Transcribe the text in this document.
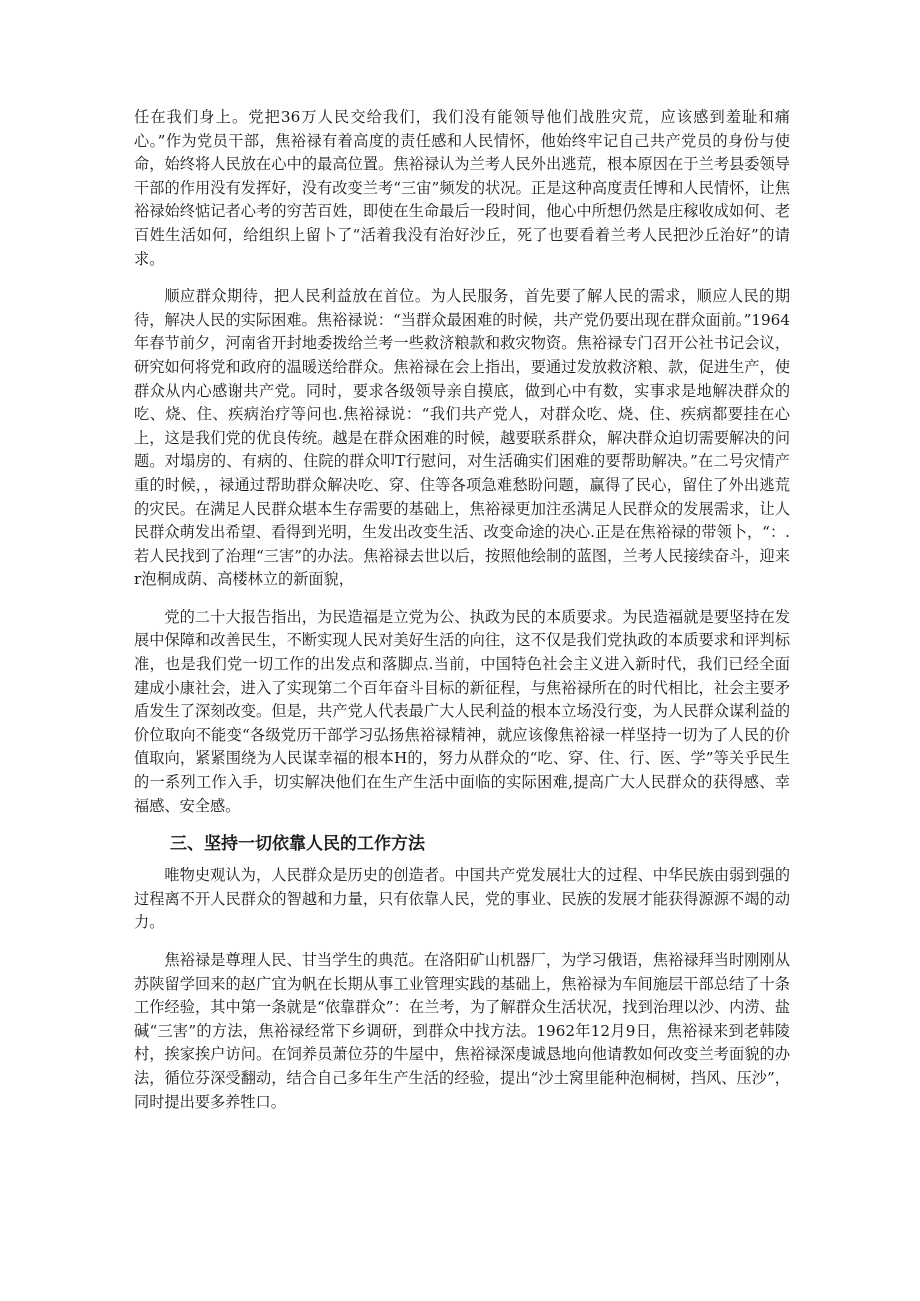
任在我们身上。党把36万人民交给我们，我们没有能领导他们战胜灾荒，应该感到羞耻和痛心。”作为党员干部，焦裕禄有着高度的责任感和人民情怀，他始终牢记自己共产党员的身份与使命，始终将人民放在心中的最高位置。焦裕禄认为兰考人民外出逃荒，根本原因在于兰考县委领导干部的作用没有发挥好，没有改变兰考“三宙”频发的状况。正是这种高度责任博和人民情怀，让焦裕禄始终惦记者心考的穷苦百姓，即使在生命最后一段时间，他心中所想仍然是庄稼收成如何、老百姓生活如何，给组织上留卜了“活着我没有治好沙丘，死了也要看着兰考人民把沙丘治好”的请求。

顺应群众期待，把人民利益放在首位。为人民服务，首先要了解人民的需求，顺应人民的期待，解决人民的实际困难。焦裕禄说：“当群众最困难的时候，共产党仍要出现在群众面前。”1964年春节前夕，河南省开封地委拨给兰考一些救济粮款和救灾物资。焦裕禄专门召开公社书记会议，研究如何将党和政府的温暖送给群众。焦裕禄在会上指出，要通过发放救济粮、款，促进生产，使群众从内心感谢共产党。同时，要求各级领导亲自摸底，做到心中有数，实事求是地解决群众的吃、烧、住、疾病治疗等问也.焦裕禄说：“我们共产党人，对群众吃、烧、住、疾病都要挂在心上，这是我们党的优良传统。越是在群众困难的时候，越要联系群众，解决群众迫切需要解决的问题。对塌房的、有病的、住院的群众叩T行慰问，对生活确实们困难的要帮助解决。”在二号灾情产重的时候，，禄通过帮助群众解决吃、穿、住等各项急难愁盼问题，赢得了民心，留住了外出逃荒的灾民。在满足人民群众堪本生存需要的基础上，焦裕禄更加注丞满足人民群众的发展需求，让人民群众萌发出希望、看得到光明，生发出改变生活、改变命途的决心.正是在焦裕禄的带领卜，“：.若人民找到了治理“三害”的办法。焦裕禄去世以后，按照他绘制的蓝图，兰考人民接续奋斗，迎来r泡桐成荫、高楼林立的新面貌，

党的二十大报告指出，为民造福是立党为公、执政为民的本质要求。为民造福就是要坚持在发展中保障和改善民生，不断实现人民对美好生活的向往，这不仅是我们党执政的本质要求和评判标准，也是我们党一切工作的出发点和落脚点.当前，中国特色社会主义进入新时代，我们已经全面建成小康社会，进入了实现第二个百年奋斗目标的新征程，与焦裕禄所在的时代相比，社会主要矛盾发生了深刻改变。但是，共产党人代表最广大人民利益的根本立场没行变，为人民群众谋利益的价位取向不能变“各级党历干部学习弘扬焦裕禄精神，就应该像焦裕禄一样坚持一切为了人民的价值取向，紧紧围绕为人民谋幸福的根本H的，努力从群众的“吃、穿、住、行、医、学”等关乎民生的一系列工作入手，切实解决他们在生产生活中面临的实际困难,提高广大人民群众的获得感、幸福感、安全感。

三、坚持一切依靠人民的工作方法

唯物史观认为，人民群众是历史的创造者。中国共产党发展壮大的过程、中华民族由弱到强的过程离不开人民群众的智越和力量，只有依靠人民，党的事业、民族的发展才能获得源源不竭的动力。

焦裕禄是尊理人民、甘当学生的典范。在洛阳矿山机器厂，为学习俄语，焦裕禄拜当时刚刚从苏陕留学回来的赵广宜为帆在长期从事工业管理实践的基础上，焦裕禄为车间施层干部总结了十条工作经验，其中第一条就是“依靠群众”：在兰考，为了解群众生活状况，找到治理以沙、内涝、盐碱“三害”的方法，焦裕禄经常下乡调研，到群众中找方法。1962年12月9日，焦裕禄来到老韩陵村，挨家挨户访问。在饲养员萧位芬的牛屋中，焦裕禄深虔诚恳地向他请教如何改变兰考面貌的办法，循位芬深受翻动，结合自己多年生产生活的经验，提出“沙土窝里能种泡桐树，挡风、压沙”，同时提出要多养牲口。
